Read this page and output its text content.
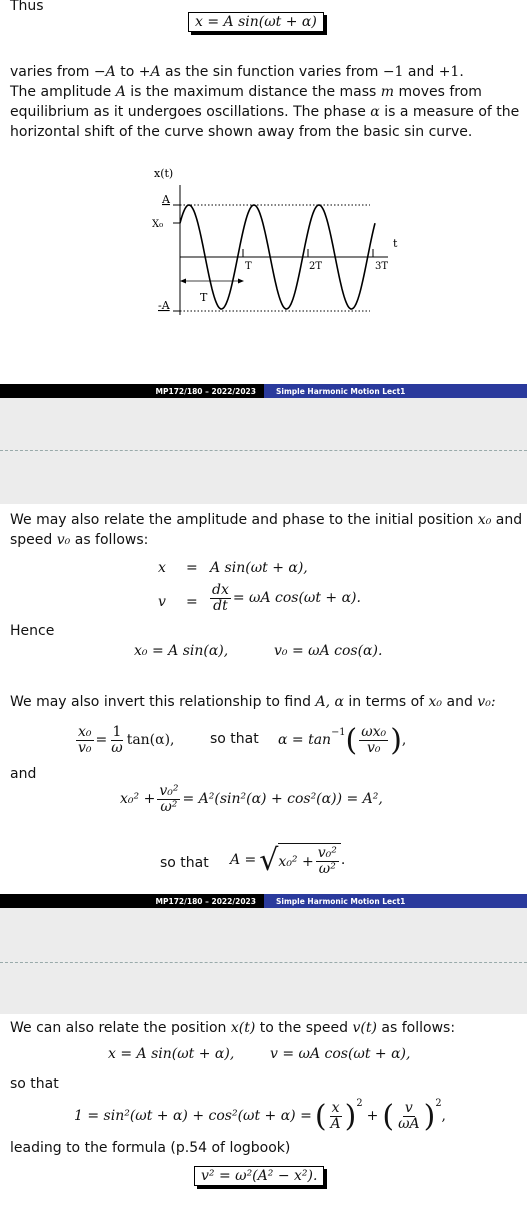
Thus
x = A sin(ωt + α)
varies from −A to +A as the sin function varies from −1 and +1.
The amplitude A is the maximum distance the mass m moves from
equilibrium as it undergoes oscillations. The phase α is a measure of the
horizontal shift of the curve shown away from the basic sin curve.
x(t)
A
X₀
-A
t
T	2T	3T
T
MP172/180 – 2022/2023	Simple Harmonic Motion Lect1
We may also relate the amplitude and phase to the initial position x₀ and
speed v₀ as follows:
x = A sin(ωt + α),
$v = \frac{dx}{dt} = \omega A$ cos(ωt + α).
Hence
x₀ = A sin(α),	v₀ = ωA cos(α).
We may also invert this relationship to find A, α in terms of x₀ and v₀:
$\frac{\text{x₀}}{\text{v₀}} = \frac{1}{\omega} \tan(\alpha)$,	so that $\alpha = \tan^{-1}$ ( $\frac{\text{ωx₀}}{\text{v₀}}$ ) ,
and
$x_0^2 + \frac{\text{v₀²}}{\text{ω²}} = A^2(\sin^2(\alpha) + \cos^2(\alpha)) = A^2$,
so that A = √ $x_0^2 + \frac{\text{v₀²}}{\text{ω²}}$ .
MP172/180 – 2022/2023	Simple Harmonic Motion Lect1
We can also relate the position x(t) to the speed v(t) as follows:
x = A sin(ωt + α),	v = ωA cos(ωt + α),
so that
1 = sin²(ωt + α) + cos²(ωt + α) = ( $\frac{x}{A} )^2$
+ ( $\frac{v}{\omega A} )^2$
,
leading to the formula (p.54 of logbook)
v² = ω²(A² − x²).
